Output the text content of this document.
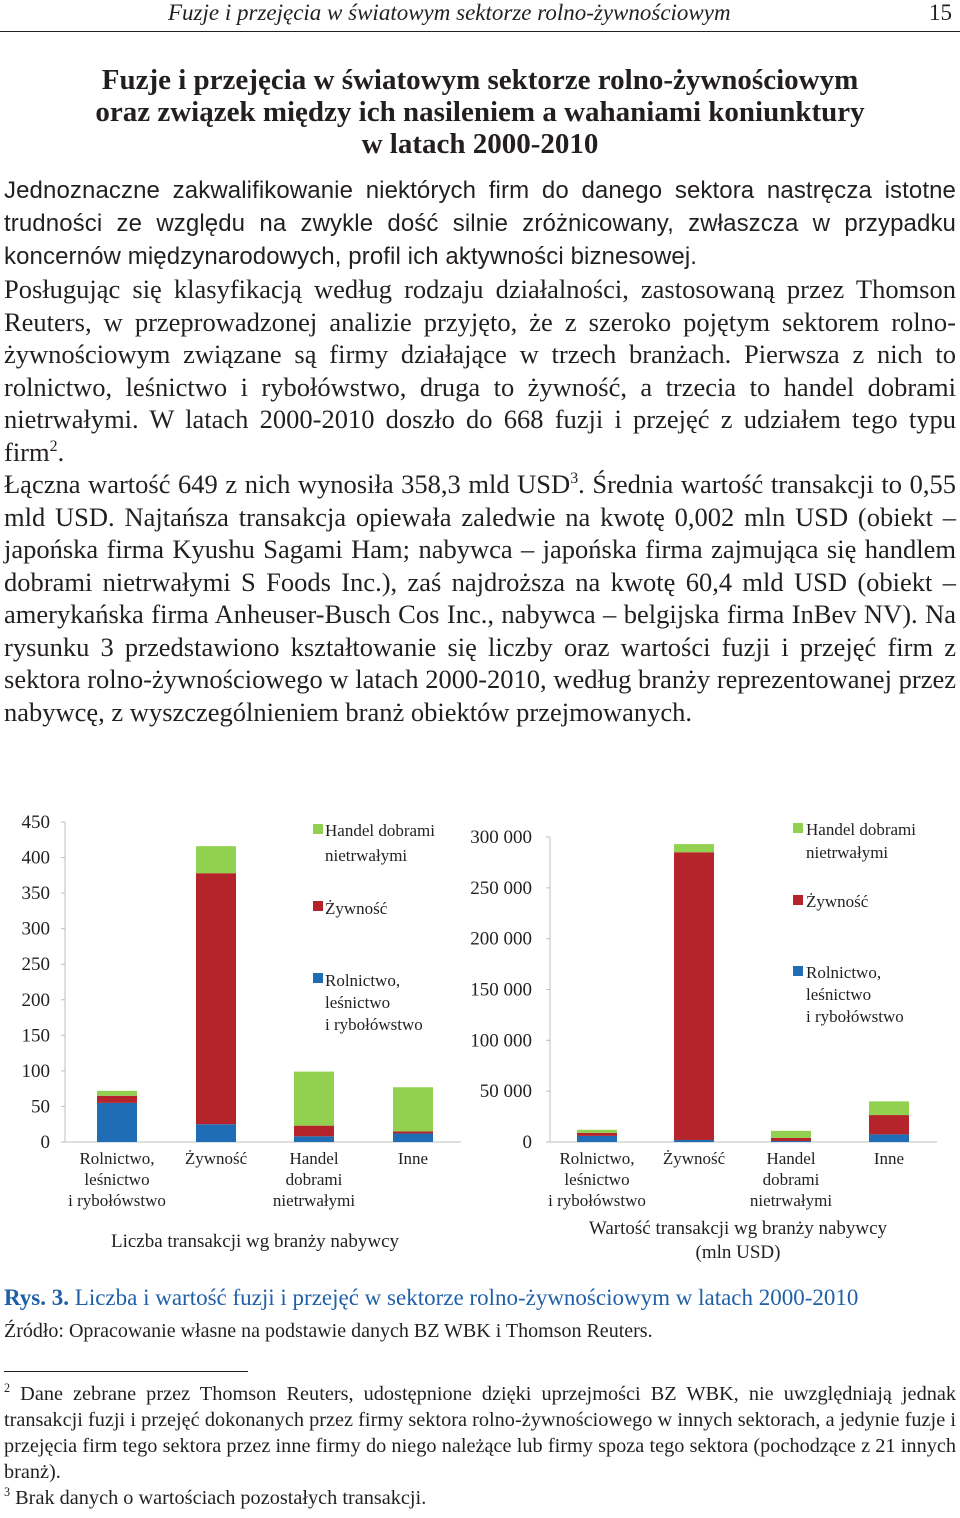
Fuzje i przejęcia w światowym sektorze rolno-żywnościowym	15
Fuzje i przejęcia w światowym sektorze rolno-żywnościowym
oraz związek między ich nasileniem a wahaniami koniunktury
w latach 2000-2010
Jednoznaczne zakwalifikowanie niektórych firm do danego sektora nastręcza istotne trudności ze względu na zwykle dość silnie zróżnicowany, zwłaszcza w przypadku koncernów międzynarodowych, profil ich aktywności biznesowej.

Posługując się klasyfikacją według rodzaju działalności, zastosowaną przez Thomson Reuters, w przeprowadzonej analizie przyjęto, że z szeroko pojętym sektorem rolno-żywnościowym związane są firmy działające w trzech branżach. Pierwsza z nich to rolnictwo, leśnictwo i rybołówstwo, druga to żywność, a trzecia to handel dobrami nietrwałymi. W latach 2000-2010 doszło do 668 fuzji i przejęć z udziałem tego typu firm$^2$.

Łączna wartość 649 z nich wynosiła 358,3 mld USD$^3$. Średnia wartość transakcji to 0,55 mld USD. Najtańsza transakcja opiewała zaledwie na kwotę 0,002 mln USD (obiekt – japońska firma Kyushu Sagami Ham; nabywca – japońska firma zajmująca się handlem dobrami nietrwałymi S Foods Inc.), zaś najdroższa na kwotę 60,4 mld USD (obiekt – amerykańska firma Anheuser-Busch Cos Inc., nabywca – belgijska firma InBev NV). Na rysunku 3 przedstawiono kształtowanie się liczby oraz wartości fuzji i przejęć firm z sektora rolno-żywnościowego w latach 2000-2010, według branży reprezentowanej przez nabywcę, z wyszczególnieniem branż obiektów przejmowanych.

0
50
100
150
200
250
300
350
400
450
Rolnictwo,
leśnictwo
i rybołówstwo
Żywność Handel
dobrami
nietrwałymi
Inne
Handel dobrami
nietrwałymi
Żywność
Rolnictwo,
leśnictwo
i rybołówstwo
Liczba transakcji wg branży nabywcy
0
50 000
100 000
150 000
200 000
250 000
300 000
Rolnictwo,
leśnictwo
i rybołówstwo
Żywność Handel
dobrami
nietrwałymi
Inne
Handel dobrami
nietrwałymi
Żywność
Rolnictwo,
leśnictwo
i rybołówstwo
Wartość transakcji wg branży nabywcy
(mln USD)
Rys. 3. Liczba i wartość fuzji i przejęć w sektorze rolno-żywnościowym w latach 2000-2010
Źródło: Opracowanie własne na podstawie danych BZ WBK i Thomson Reuters.

$^2$ Dane zebrane przez Thomson Reuters, udostępnione dzięki uprzejmości BZ WBK, nie uwzględniają jednak transakcji fuzji i przejęć dokonanych przez firmy sektora rolno-żywnościowego w innych sektorach, a jedynie fuzje i przejęcia firm tego sektora przez inne firmy do niego należące lub firmy spoza tego sektora (pochodzące z 21 innych branż).

$^3$ Brak danych o wartościach pozostałych transakcji.
